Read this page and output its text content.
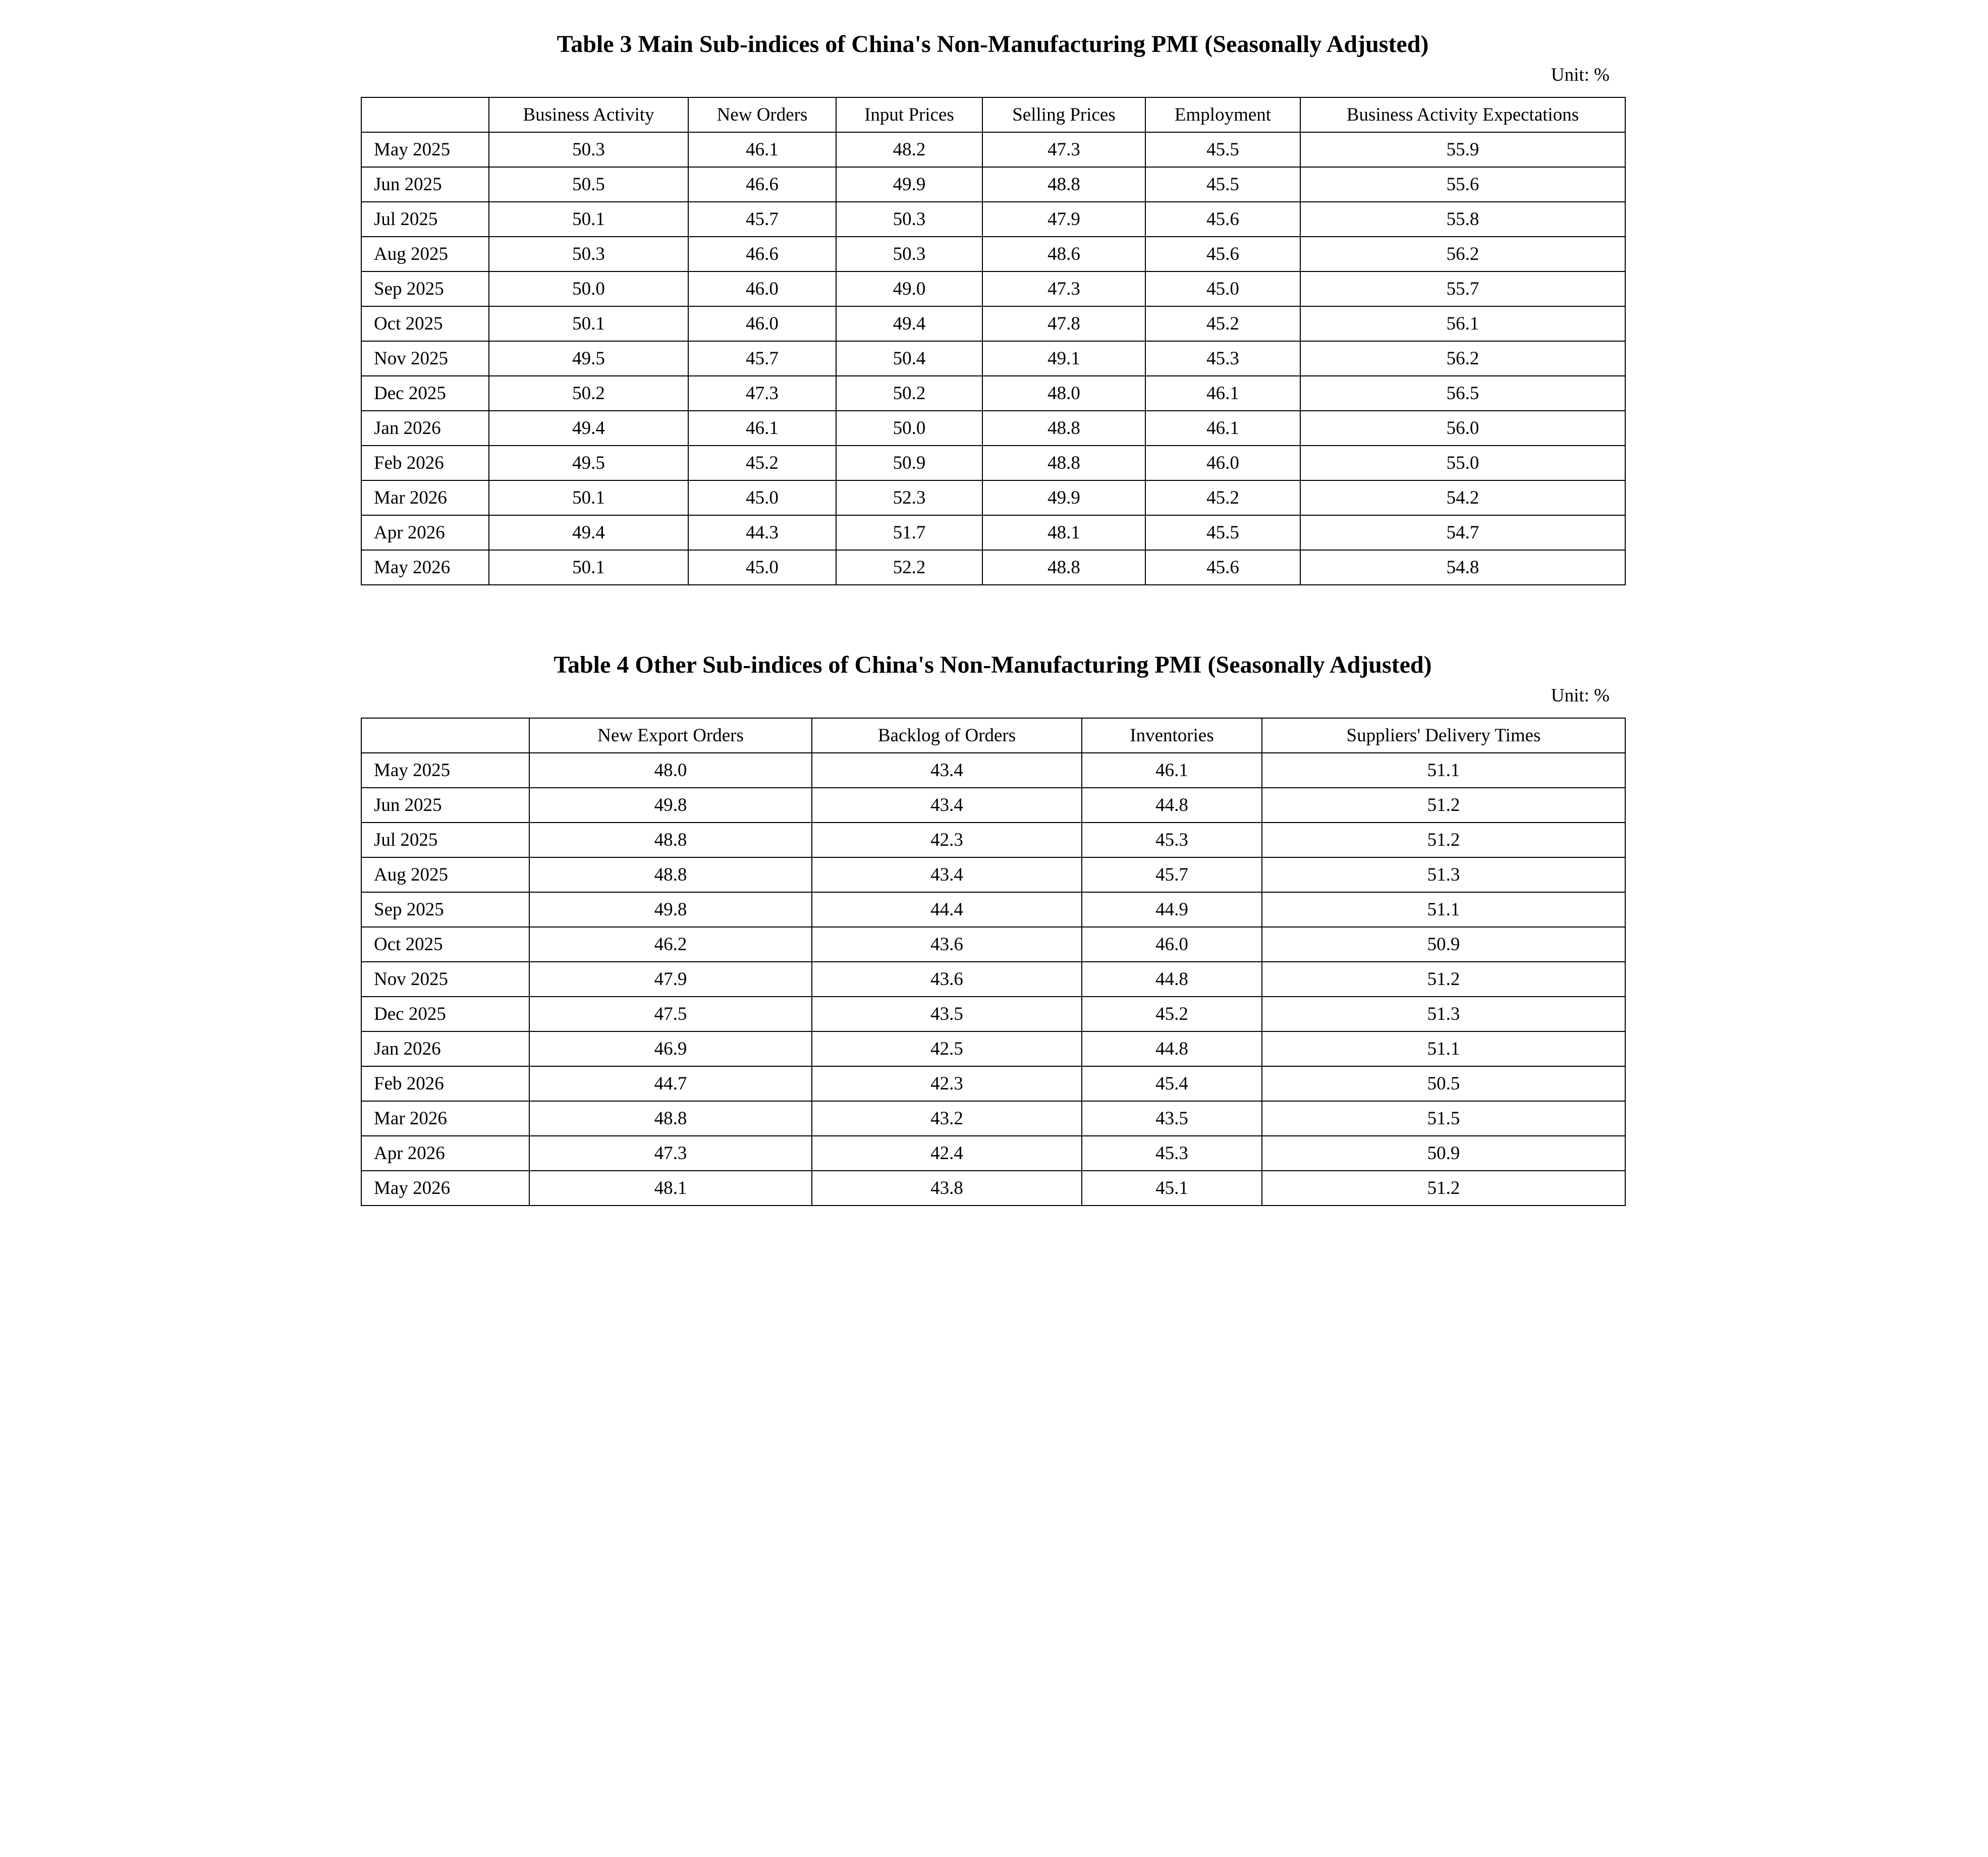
Table 3 Main Sub-indices of China's Non-Manufacturing PMI (Seasonally Adjusted)
Unit: %
	Business Activity	New Orders	Input Prices	Selling Prices	Employment	Business Activity Expectations
May 2025	50.3	46.1	48.2	47.3	45.5	55.9
Jun 2025	50.5	46.6	49.9	48.8	45.5	55.6
Jul 2025	50.1	45.7	50.3	47.9	45.6	55.8
Aug 2025	50.3	46.6	50.3	48.6	45.6	56.2
Sep 2025	50.0	46.0	49.0	47.3	45.0	55.7
Oct 2025	50.1	46.0	49.4	47.8	45.2	56.1
Nov 2025	49.5	45.7	50.4	49.1	45.3	56.2
Dec 2025	50.2	47.3	50.2	48.0	46.1	56.5
Jan 2026	49.4	46.1	50.0	48.8	46.1	56.0
Feb 2026	49.5	45.2	50.9	48.8	46.0	55.0
Mar 2026	50.1	45.0	52.3	49.9	45.2	54.2
Apr 2026	49.4	44.3	51.7	48.1	45.5	54.7
May 2026	50.1	45.0	52.2	48.8	45.6	54.8
Table 4 Other Sub-indices of China's Non-Manufacturing PMI (Seasonally Adjusted)
Unit: %
	New Export Orders	Backlog of Orders	Inventories	Suppliers' Delivery Times
May 2025	48.0	43.4	46.1	51.1
Jun 2025	49.8	43.4	44.8	51.2
Jul 2025	48.8	42.3	45.3	51.2
Aug 2025	48.8	43.4	45.7	51.3
Sep 2025	49.8	44.4	44.9	51.1
Oct 2025	46.2	43.6	46.0	50.9
Nov 2025	47.9	43.6	44.8	51.2
Dec 2025	47.5	43.5	45.2	51.3
Jan 2026	46.9	42.5	44.8	51.1
Feb 2026	44.7	42.3	45.4	50.5
Mar 2026	48.8	43.2	43.5	51.5
Apr 2026	47.3	42.4	45.3	50.9
May 2026	48.1	43.8	45.1	51.2
